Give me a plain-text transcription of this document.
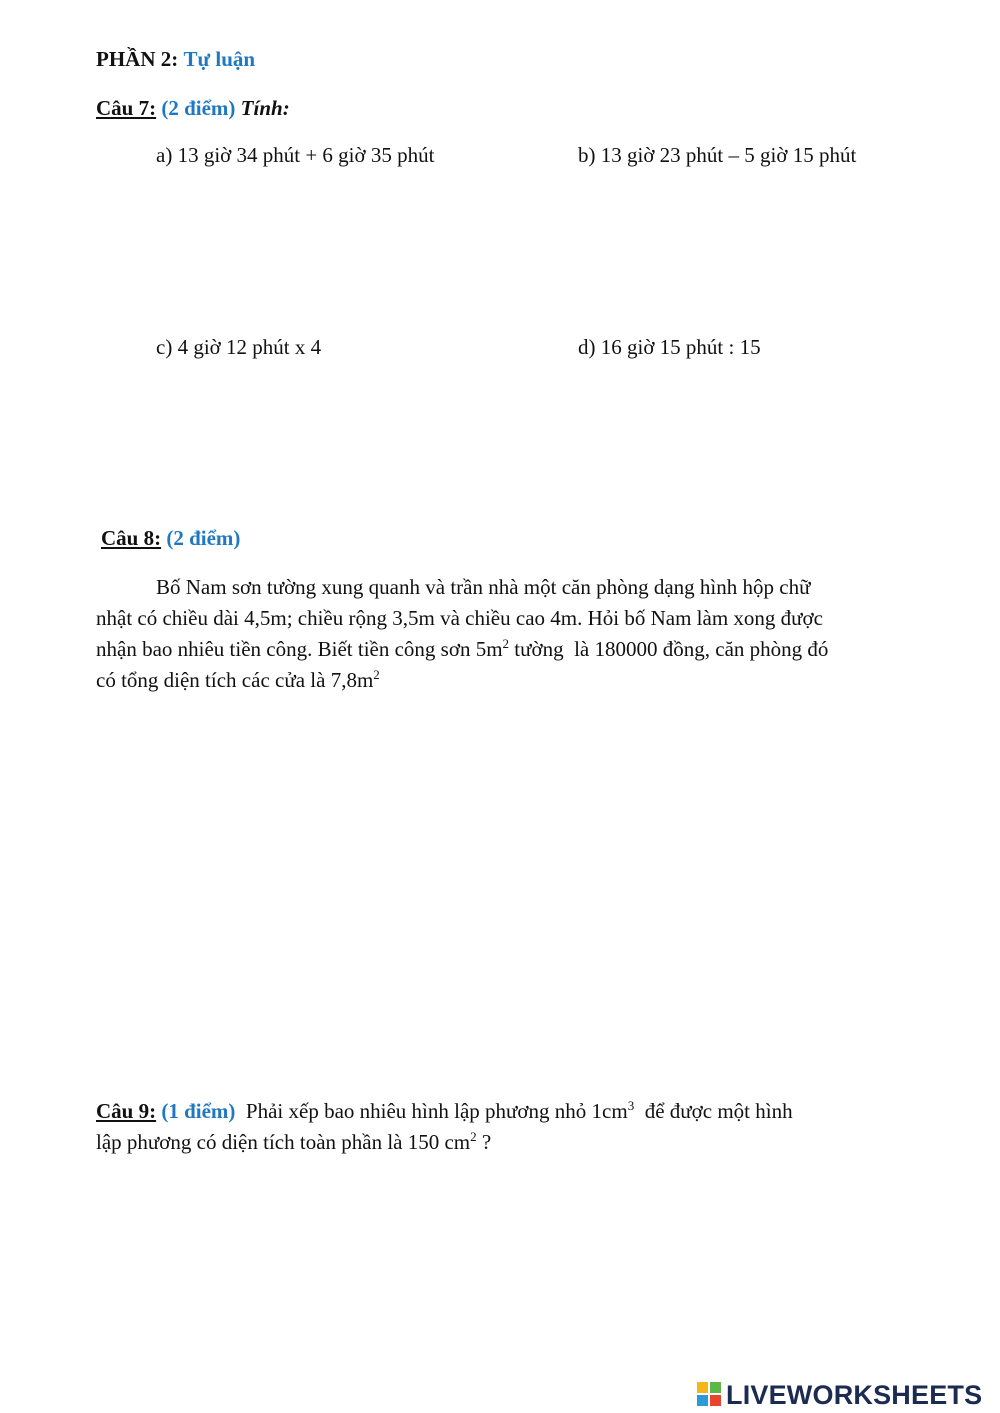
PHẦN 2: Tự luận
Câu 7: (2 điểm) Tính:
a) 13 giờ 34 phút + 6 giờ 35 phút	b) 13 giờ 23 phút – 5 giờ 15 phút
c) 4 giờ 12 phút x 4	d) 16 giờ 15 phút : 15
Câu 8: (2 điểm)
Bố Nam sơn tường xung quanh và trần nhà một căn phòng dạng hình hộp chữ
nhật có chiều dài 4,5m; chiều rộng 3,5m và chiều cao 4m. Hỏi bố Nam làm xong được
nhận bao nhiêu tiền công. Biết tiền công sơn $5m^2$ tường  là 180000 đồng, căn phòng đó
có tổng diện tích các cửa là $7,8m^2$
Câu 9: (1 điểm) Phải xếp bao nhiêu hình lập phương nhỏ $1cm^3$  để được một hình
lập phương có diện tích toàn phần là 150 $cm^2$ ?
LIVEWORKSHEETS
